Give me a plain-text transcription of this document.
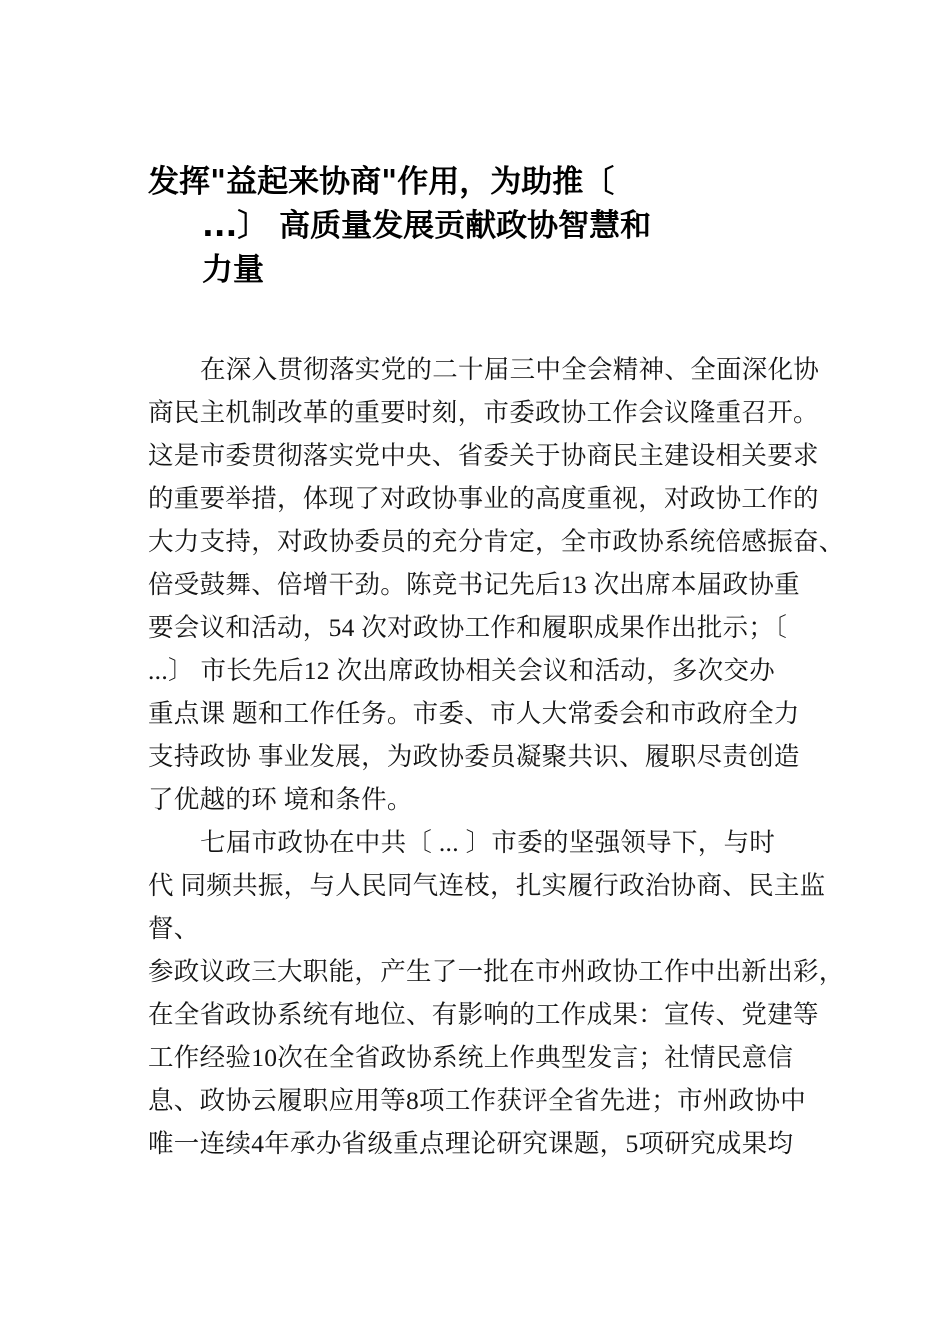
发挥"益起来协商"作用，为助推〔
...〕 高质量发展贡献政协智慧和
力量

在深入贯彻落实党的二十届三中全会精神、全面深化协
商民主机制改革的重要时刻，市委政协工作会议隆重召开。
这是市委贯彻落实党中央、省委关于协商民主建设相关要求
的重要举措，体现了对政协事业的高度重视，对政协工作的
大力支持，对政协委员的充分肯定，全市政协系统倍感振奋、
倍受鼓舞、倍增干劲。陈竞书记先后13 次出席本届政协重
要会议和活动，54 次对政协工作和履职成果作出批示；〔
...〕 市长先后12 次出席政协相关会议和活动，多次交办
重点课 题和工作任务。市委、市人大常委会和市政府全力
支持政协 事业发展，为政协委员凝聚共识、履职尽责创造
了优越的环 境和条件。

七届市政协在中共〔 ... 〕市委的坚强领导下，与时
代 同频共振，与人民同气连枝，扎实履行政治协商、民主监
督、

参政议政三大职能，产生了一批在市州政协工作中出新出彩，
在全省政协系统有地位、有影响的工作成果：宣传、党建等
工作经验10次在全省政协系统上作典型发言；社情民意信
息、政协云履职应用等8项工作获评全省先进；市州政协中
唯一连续4年承办省级重点理论研究课题，5项研究成果均
